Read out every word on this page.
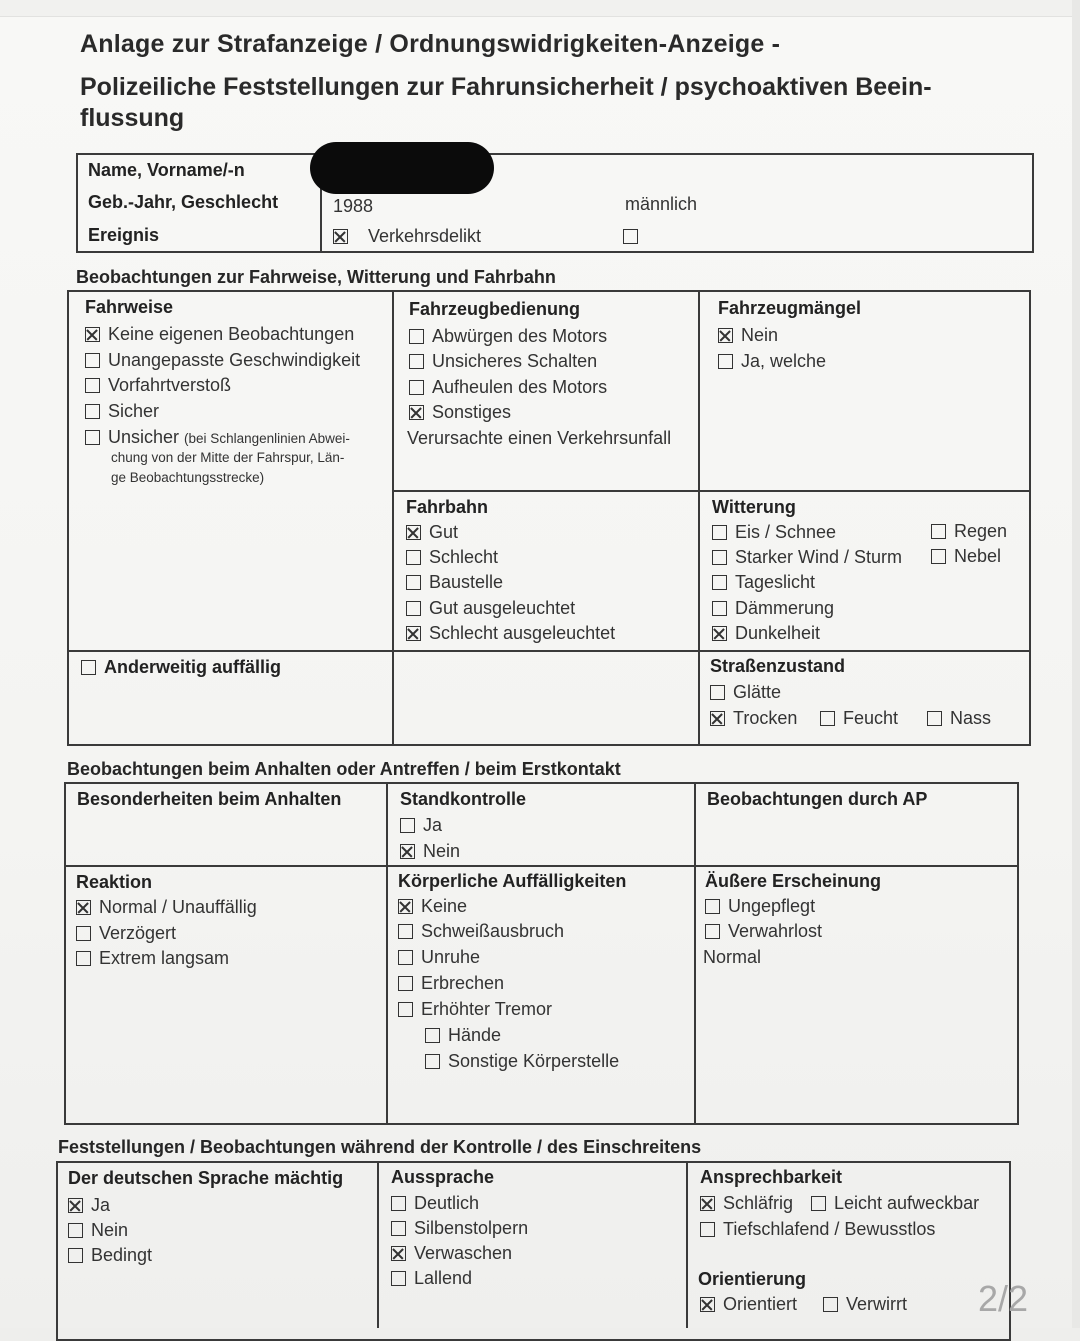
Anlage zur Strafanzeige / Ordnungswidrigkeiten-Anzeige -
Polizeiliche Feststellungen zur Fahrunsicherheit / psychoaktiven Beein-flussung
Name, Vorname/-n
Geb.-Jahr, Geschlecht	1988	männlich
Ereignis	Verkehrsdelikt
Beobachtungen zur Fahrweise, Witterung und Fahrbahn
Fahrweise
Keine eigenen Beobachtungen
Unangepasste Geschwindigkeit
Vorfahrtverstoß
Sicher
Unsicher (bei Schlangenlinien Abwei-
chung von der Mitte der Fahrspur, Län-
ge Beobachtungsstrecke)
Fahrzeugbedienung
Abwürgen des Motors
Unsicheres Schalten
Aufheulen des Motors
Sonstiges
Verursachte einen Verkehrsunfall
Fahrzeugmängel
Nein
Ja, welche
Fahrbahn
Gut
Schlecht
Baustelle
Gut ausgeleuchtet
Schlecht ausgeleuchtet
Witterung
Eis / Schnee
Starker Wind / Sturm
Tageslicht
Dämmerung
Dunkelheit
Regen
Nebel
Anderweitig auffällig	Straßenzustand
Glätte
Trocken	Feucht	Nass
Beobachtungen beim Anhalten oder Antreffen / beim Erstkontakt
Besonderheiten beim Anhalten	Standkontrolle
Ja
Nein
Beobachtungen durch AP
Reaktion
Normal / Unauffällig
Verzögert
Extrem langsam
Körperliche Auffälligkeiten
Keine
Schweißausbruch
Unruhe
Erbrechen
Erhöhter Tremor
Hände
Sonstige Körperstelle
Äußere Erscheinung
Ungepflegt
Verwahrlost
Normal
Feststellungen / Beobachtungen während der Kontrolle / des Einschreitens
Der deutschen Sprache mächtig
Ja
Nein
Bedingt
Aussprache
Deutlich
Silbenstolpern
Verwaschen
Lallend
Ansprechbarkeit
Schläfrig	Leicht aufweckbar
Tiefschlafend / Bewusstlos
Orientierung
Orientiert	Verwirrt 2/2
